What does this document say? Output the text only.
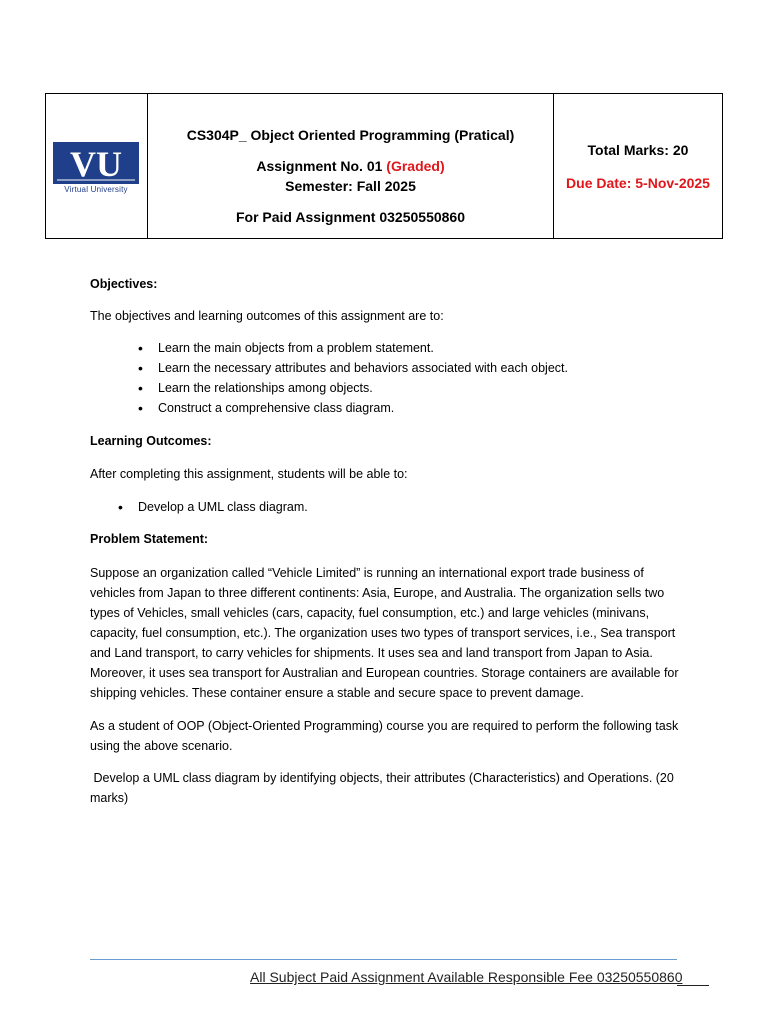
VU
Virtual University
CS304P_ Object Oriented Programming (Pratical)
Assignment No. 01 (Graded)
Semester: Fall 2025
For Paid Assignment 03250550860
Total Marks: 20
Due Date: 5-Nov-2025
Objectives:
The objectives and learning outcomes of this assignment are to:
• Learn the main objects from a problem statement.
• Learn the necessary attributes and behaviors associated with each object.
• Learn the relationships among objects.
• Construct a comprehensive class diagram.
Learning Outcomes:
After completing this assignment, students will be able to:
• Develop a UML class diagram.
Problem Statement:
Suppose an organization called “Vehicle Limited” is running an international export trade business of vehicles from Japan to three different continents: Asia, Europe, and Australia. The organization sells two types of Vehicles, small vehicles (cars, capacity, fuel consumption, etc.) and large vehicles (minivans, capacity, fuel consumption, etc.). The organization uses two types of transport services, i.e., Sea transport and Land transport, to carry vehicles for shipments. It uses sea and land transport from Japan to Asia. Moreover, it uses sea transport for Australian and European countries. Storage containers are available for shipping vehicles. These container ensure a stable and secure space to prevent damage.
As a student of OOP (Object-Oriented Programming) course you are required to perform the following task using the above scenario.
Develop a UML class diagram by identifying objects, their attributes (Characteristics) and Operations. (20 marks)
All Subject Paid Assignment Available Responsible Fee 03250550860
